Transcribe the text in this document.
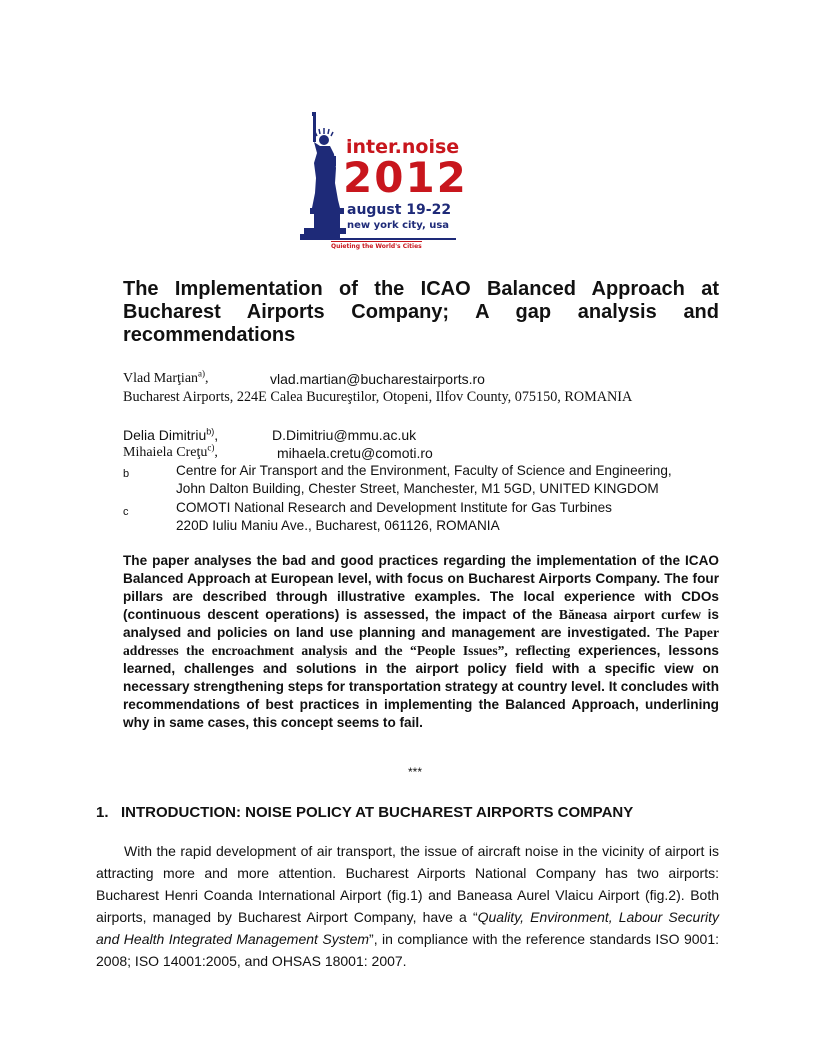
inter.noise
2012
august 19-22
new york city, usa
Quieting the World's Cities
The Implementation of the ICAO Balanced Approach at Bucharest Airports Company; A gap analysis and recommendations
Vlad Marţian$^{a)}$,	vlad.martian@bucharestairports.ro
Bucharest Airports, 224E Calea Bucureştilor, Otopeni, Ilfov County, 075150, ROMANIA
Delia Dimitriu$^{b)}$,	D.Dimitriu@mmu.ac.uk
Mihaiela Creţu$^{c)}$,	mihaela.cretu@comoti.ro
b	Centre for Air Transport and the Environment, Faculty of Science and Engineering,
John Dalton Building, Chester Street, Manchester, M1 5GD, UNITED KINGDOM
c	COMOTI National Research and Development Institute for Gas Turbines
220D Iuliu Maniu Ave., Bucharest, 061126, ROMANIA
The paper analyses the bad and good practices regarding the implementation of the ICAO Balanced Approach at European level, with focus on Bucharest Airports Company. The four pillars are described through illustrative examples. The local experience with CDOs (continuous descent operations) is assessed, the impact of the Băneasa airport curfew is analysed and policies on land use planning and management are investigated. The Paper addresses the encroachment analysis and the “People Issues”, reflecting experiences, lessons learned, challenges and solutions in the airport policy field with a specific view on necessary strengthening steps for transportation strategy at country level. It concludes with recommendations of best practices in implementing the Balanced Approach, underlining why in same cases, this concept seems to fail.
***
1. INTRODUCTION: NOISE POLICY AT BUCHAREST AIRPORTS COMPANY
With the rapid development of air transport, the issue of aircraft noise in the vicinity of airport is attracting more and more attention. Bucharest Airports National Company has two airports: Bucharest Henri Coanda International Airport (fig.1) and Baneasa Aurel Vlaicu Airport (fig.2). Both airports, managed by Bucharest Airport Company, have a “Quality, Environment, Labour Security and Health Integrated Management System”, in compliance with the reference standards ISO 9001: 2008; ISO 14001:2005, and OHSAS 18001: 2007.
